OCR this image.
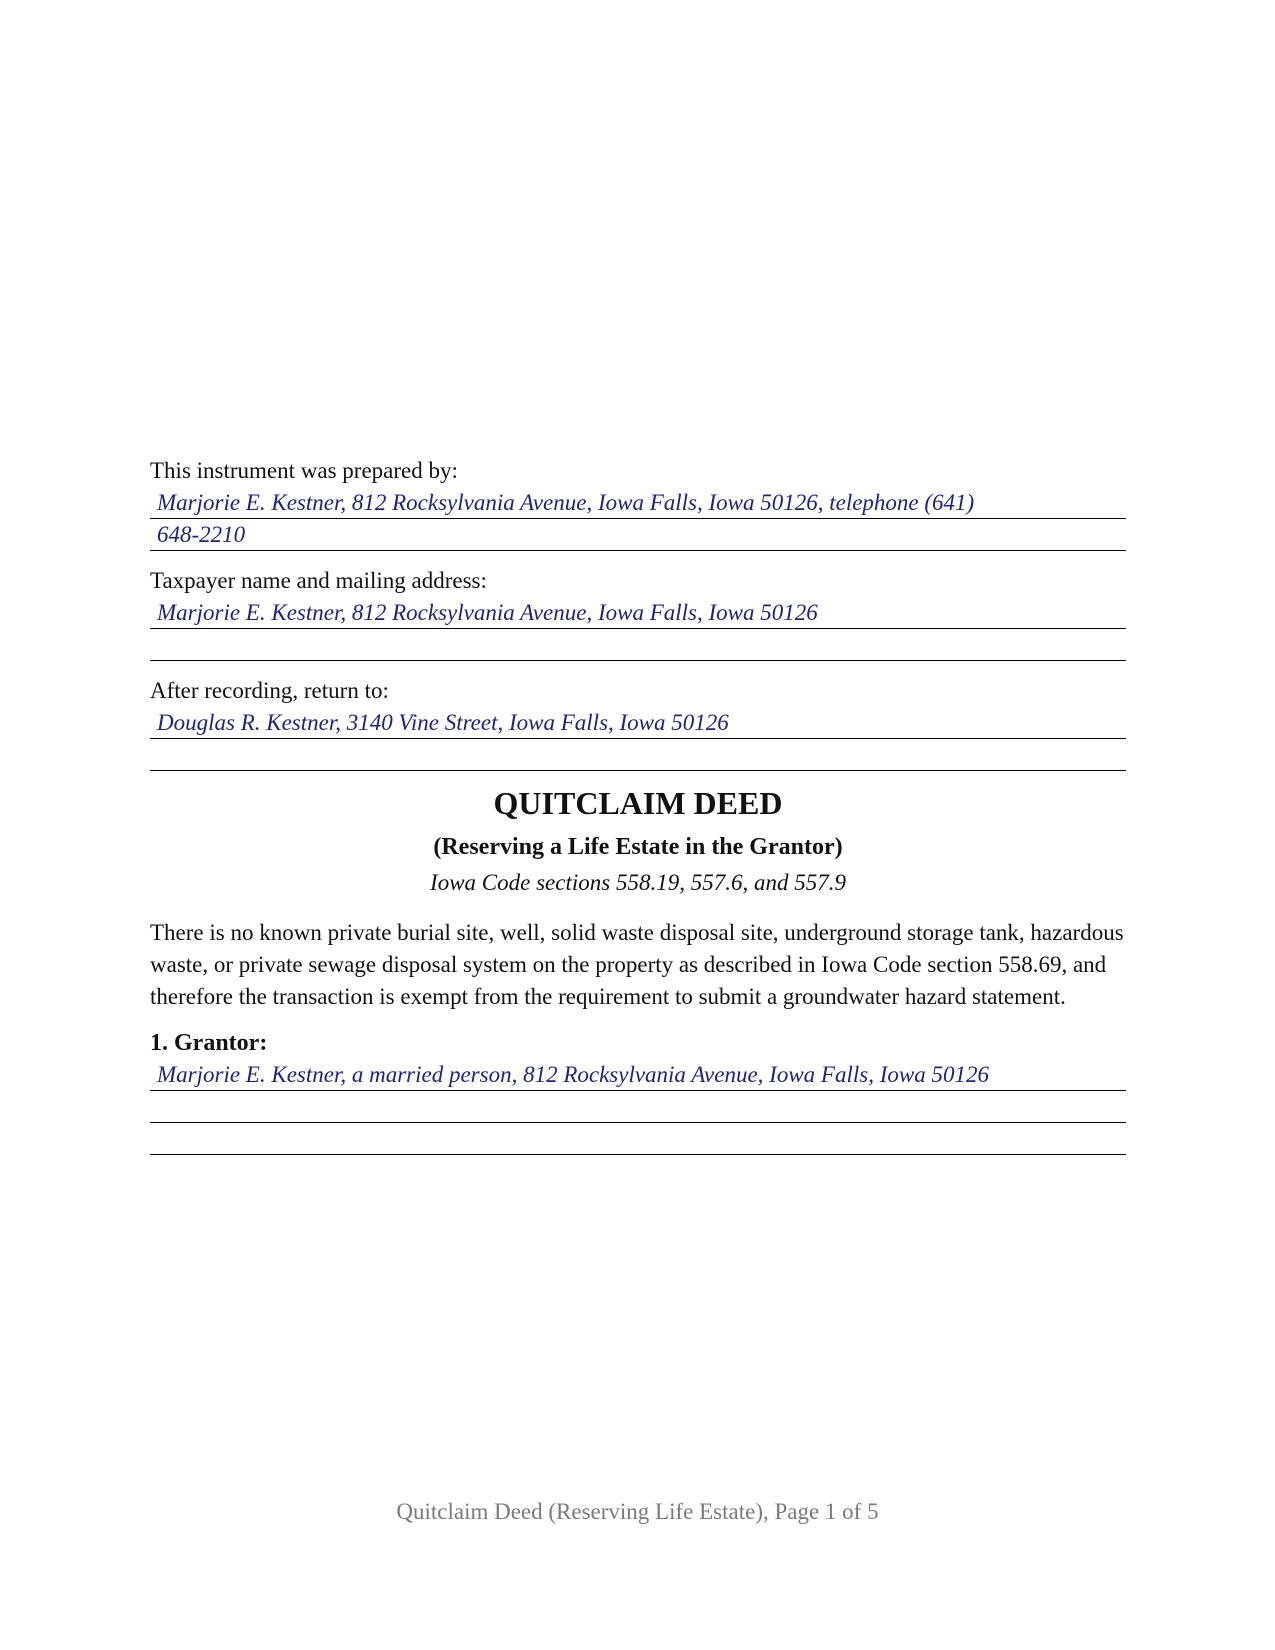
This instrument was prepared by:
Marjorie E. Kestner, 812 Rocksylvania Avenue, Iowa Falls, Iowa 50126, telephone (641)
648-2210
Taxpayer name and mailing address:
Marjorie E. Kestner, 812 Rocksylvania Avenue, Iowa Falls, Iowa 50126
After recording, return to:
Douglas R. Kestner, 3140 Vine Street, Iowa Falls, Iowa 50126
QUITCLAIM DEED
(Reserving a Life Estate in the Grantor)
Iowa Code sections 558.19, 557.6, and 557.9
There is no known private burial site, well, solid waste disposal site, underground storage tank, hazardous waste, or private sewage disposal system on the property as described in Iowa Code section 558.69, and therefore the transaction is exempt from the requirement to submit a groundwater hazard statement.
1. Grantor:
Marjorie E. Kestner, a married person, 812 Rocksylvania Avenue, Iowa Falls, Iowa 50126
Quitclaim Deed (Reserving Life Estate), Page 1 of 5
